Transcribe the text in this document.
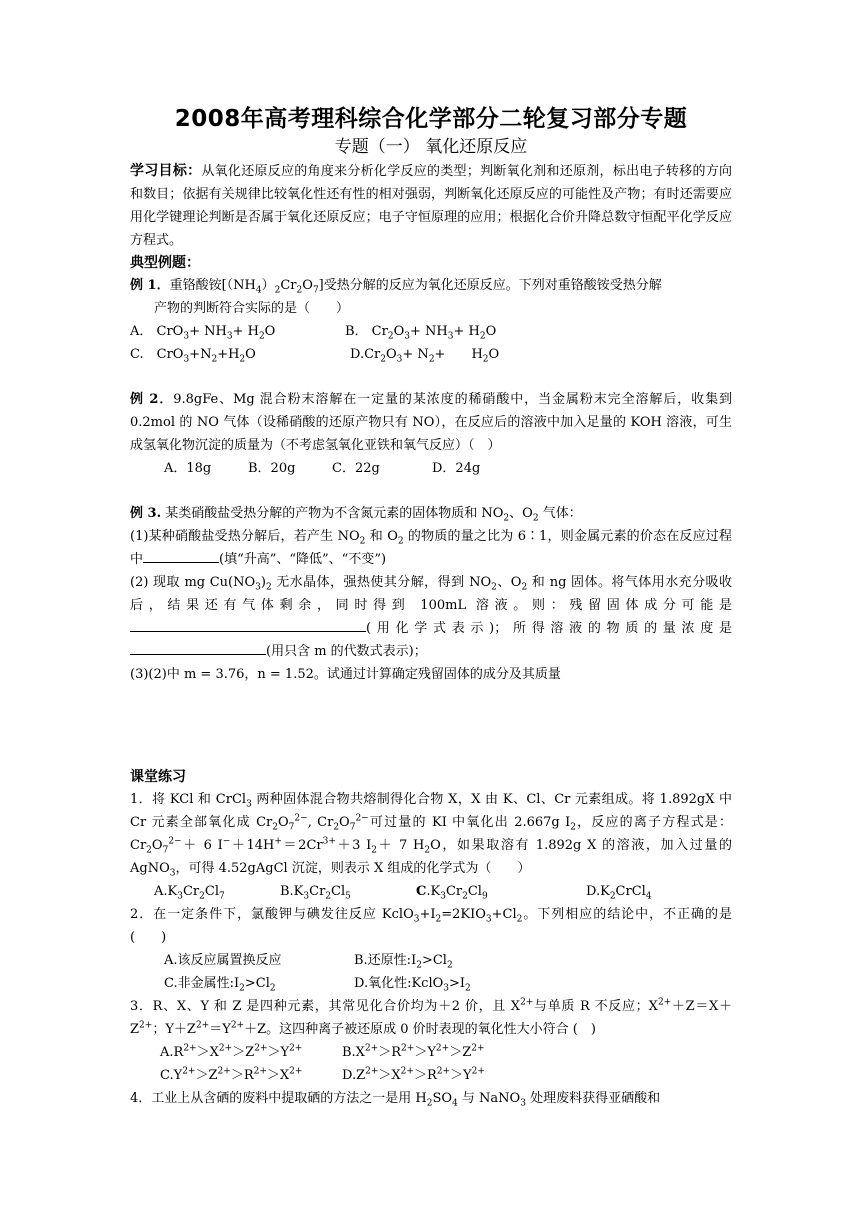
2008年高考理科综合化学部分二轮复习部分专题
专题（一） 氧化还原反应

学习目标：从氧化还原反应的角度来分析化学反应的类型；判断氧化剂和还原剂，标出电子转移的方向和数目；依据有关规律比较氧化性还有性的相对强弱，判断氧化还原反应的可能性及产物；有时还需要应用化学键理论判断是否属于氧化还原反应；电子守恒原理的应用；根据化合价升降总数守恒配平化学反应方程式。

典型例题：

例 1．重铬酸铵$[(NH_4)_2Cr_2O_7]$受热分解的反应为氧化还原反应。下列对重铬酸铵受热分解

产物的判断符合实际的是（　　）

A． $CrO_3+ NH_3+ H_2O$	B． $Cr_2O_3+ NH_3+ H_2O$
C.　$CrO_3+N_2+H_2O$	$D.Cr_2O_3+ N_2+$　　$H_2O$

例 2．9.8gFe、Mg 混合粉末溶解在一定量的某浓度的稀硝酸中，当金属粉末完全溶解后，收集到 0.2mol 的 NO 气体（设稀硝酸的还原产物只有 NO），在反应后的溶液中加入足量的 KOH 溶液，可生成氢氧化物沉淀的质量为（不考虑氢氧化亚铁和氧气反应）（　）

A．18g	B．20g	C．22g	D．24g

例 3. 某类硝酸盐受热分解的产物为不含氮元素的固体物质和 $NO_2$、$O_2$ 气体：

(1)某种硝酸盐受热分解后，若产生 $NO_2$ 和 $O_2$ 的物质的量之比为 6∶1，则金属元素的价态在反应过程中	(填“升高”、“降低”、“不变”)

(2) 现取 mg $Cu(NO_3)_2$ 无水晶体，强热使其分解，得到 $NO_2$、$O_2$ 和 ng 固体。将气体用水充分吸收后，结果还有气体剩余，同时得到 100mL 溶液。则：残留固体成分可能是(用化学式表示)；所得溶液的物质的量浓度是(用只含 m 的代数式表示)；

(3)(2)中 m = 3.76，n = 1.52。试通过计算确定残留固体的成分及其质量

课堂练习

1．将 KCl 和 CrCl$_3$ 两种固体混合物共熔制得化合物 X，X 由 K、Cl、Cr 元素组成。将 1.892gX 中 Cr 元素全部氧化成 $Cr_2O_7^{2-}$, $Cr_2O_7^{2-}$可过量的 KI 中氧化出 2.667g $I_2$，反应的离子方程式是：$Cr_2O_7^{2-}+ 6$ $I^-+14H^+=2Cr^{3+}+3$ $I_2+ 7$ $H_2O$，如果取溶有 1.892g X 的溶液，加入过量的 AgNO$_3$，可得 4.52gAgCl 沉淀，则表示 X 组成的化学式为（　　）

$A.K_3Cr_2Cl_7$	$B.K_3Cr_2Cl_5$	$C.K_3Cr_2Cl_9$	$D.K_2CrCl_4$

2．在一定条件下，氯酸钾与碘发往反应 $KclO_3+I_2=2KIO_3+Cl_2$。下列相应的结论中，不正确的是(　　)

A.该反应属置换反应	B.还原性$:I_2>Cl_2$
C.非金属性$:I_2>Cl_2$	D.氧化性$:KclO_3>I_2$

3．R、X、Y 和 Z 是四种元素，其常见化合价均为＋2 价，且 $X^{2+}$与单质 R 不反应；$X^{2+}+Z=X+Z^{2+}$；$Y+Z^{2+}=Y^{2+}+Z$。这四种离子被还原成 0 价时表现的氧化性大小符合 (　)

$A.R^{2+}>X^{2+}>Z^{2+}>Y^{2+}$	$B.X^{2+}>R^{2+}>Y^{2+}>Z^{2+}$
$C.Y^{2+}>Z^{2+}>R^{2+}>X^{2+}$	$D.Z^{2+}>X^{2+}>R^{2+}>Y^{2+}$

4．工业上从含硒的废料中提取硒的方法之一是用 $H_2SO_4$ 与 NaNO$_3$ 处理废料获得亚硒酸和
